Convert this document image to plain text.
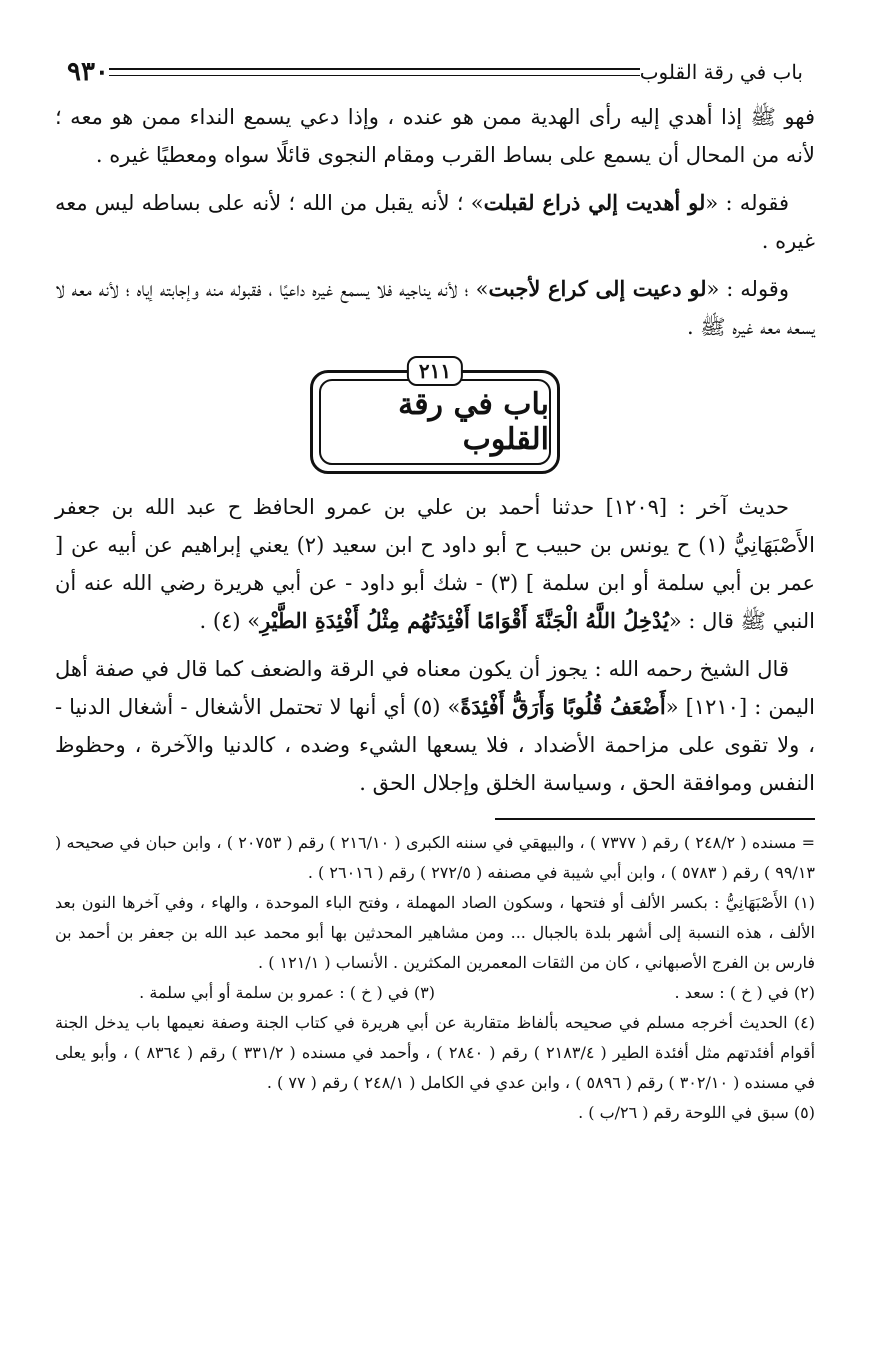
باب في رقة القلوب
٩٣٠

فهو ﷺ إذا أهدي إليه رأى الهدية ممن هو عنده ، وإذا دعي يسمع النداء ممن هو معه ؛ لأنه من المحال أن يسمع على بساط القرب ومقام النجوى قائلًا سواه ومعطيًا غيره .

فقوله : «لو أهديت إلي ذراع لقبلت» ؛ لأنه يقبل من الله ؛ لأنه على بساطه ليس معه غيره .

وقوله : «لو دعيت إلى كراع لأجبت» ؛ لأنه يناجيه فلا يسمع غيره داعيًا ، فقبوله منه وإجابته إياه ؛ لأنه معه لا يسعه معه غيره ﷺ .

٢١١
باب في رقة القلوب

حديث آخر : [١٢٠٩] حدثنا أحمد بن علي بن عمرو الحافظ ح عبد الله بن جعفر الأَصْبَهَانِيُّ (١) ح يونس بن حبيب ح أبو داود ح ابن سعيد (٢) يعني إبراهيم عن أبيه عن [ عمر بن أبي سلمة أو ابن سلمة ] (٣) - شك أبو داود - عن أبي هريرة رضي الله عنه أن النبي ﷺ قال : «يُدْخِلُ اللَّهُ الْجَنَّةَ أَقْوَامًا أَفْئِدَتُهُم مِثْلُ أَفْئِدَةِ الطَّيْرِ» (٤) .

قال الشيخ رحمه الله : يجوز أن يكون معناه في الرقة والضعف كما قال في صفة أهل اليمن : [١٢١٠] «أَضْعَفُ قُلُوبًا وَأَرَقُّ أَفْئِدَةً» (٥) أي أنها لا تحتمل الأشغال - أشغال الدنيا - ، ولا تقوى على مزاحمة الأضداد ، فلا يسعها الشيء وضده ، كالدنيا والآخرة ، وحظوظ النفس وموافقة الحق ، وسياسة الخلق وإجلال الحق .

= مسنده ( ٢٤٨/٢ ) رقم ( ٧٣٧٧ ) ، والبيهقي في سننه الكبرى ( ٢١٦/١٠ ) رقم ( ٢٠٧٥٣ ) ، وابن حبان في صحيحه ( ٩٩/١٣ ) رقم ( ٥٧٨٣ ) ، وابن أبي شيبة في مصنفه ( ٢٧٢/٥ ) رقم ( ٢٦٠١٦ ) .

(١) الأَصْبَهَانِيُّ : بكسر الألف أو فتحها ، وسكون الصاد المهملة ، وفتح الباء الموحدة ، والهاء ، وفي آخرها النون بعد الألف ، هذه النسبة إلى أشهر بلدة بالجبال ... ومن مشاهير المحدثين بها أبو محمد عبد الله بن جعفر بن أحمد بن فارس بن الفرج الأصبهاني ، كان من الثقات المعمرين المكثرين . الأنساب ( ١٢١/١ ) .

(٢) في ( خ ) : سعد .
(٣) في ( خ ) : عمرو بن سلمة أو أبي سلمة .

(٤) الحديث أخرجه مسلم في صحيحه بألفاظ متقاربة عن أبي هريرة في كتاب الجنة وصفة نعيمها باب يدخل الجنة أقوام أفئدتهم مثل أفئدة الطير ( ٢١٨٣/٤ ) رقم ( ٢٨٤٠ ) ، وأحمد في مسنده ( ٣٣١/٢ ) رقم ( ٨٣٦٤ ) ، وأبو يعلى في مسنده ( ٣٠٢/١٠ ) رقم ( ٥٨٩٦ ) ، وابن عدي في الكامل ( ٢٤٨/١ ) رقم ( ٧٧ ) .

(٥) سبق في اللوحة رقم ( ٢٦/ب ) .
